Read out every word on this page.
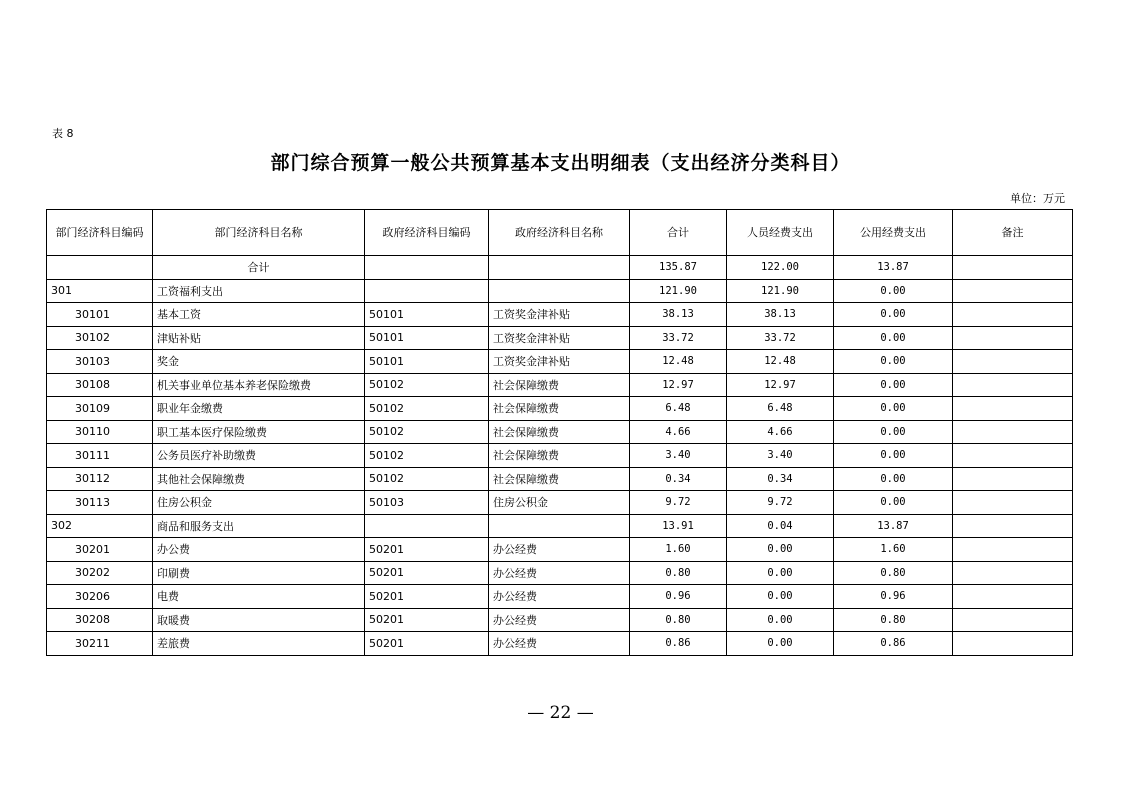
表 8
部门综合预算一般公共预算基本支出明细表（支出经济分类科目）
单位：万元
部门经济科目编码	部门经济科目名称	政府经济科目编码	政府经济科目名称	合计	人员经费支出	公用经费支出	备注
	合计			135.87	122.00	13.87	
301	工资福利支出			121.90	121.90	0.00	
30101	基本工资	50101	工资奖金津补贴	38.13	38.13	0.00	
30102	津贴补贴	50101	工资奖金津补贴	33.72	33.72	0.00	
30103	奖金	50101	工资奖金津补贴	12.48	12.48	0.00	
30108	机关事业单位基本养老保险缴费	50102	社会保障缴费	12.97	12.97	0.00	
30109	职业年金缴费	50102	社会保障缴费	6.48	6.48	0.00	
30110	职工基本医疗保险缴费	50102	社会保障缴费	4.66	4.66	0.00	
30111	公务员医疗补助缴费	50102	社会保障缴费	3.40	3.40	0.00	
30112	其他社会保障缴费	50102	社会保障缴费	0.34	0.34	0.00	
30113	住房公积金	50103	住房公积金	9.72	9.72	0.00	
302	商品和服务支出			13.91	0.04	13.87	
30201	办公费	50201	办公经费	1.60	0.00	1.60	
30202	印刷费	50201	办公经费	0.80	0.00	0.80	
30206	电费	50201	办公经费	0.96	0.00	0.96	
30208	取暖费	50201	办公经费	0.80	0.00	0.80	
30211	差旅费	50201	办公经费	0.86	0.00	0.86	
— 22 —
